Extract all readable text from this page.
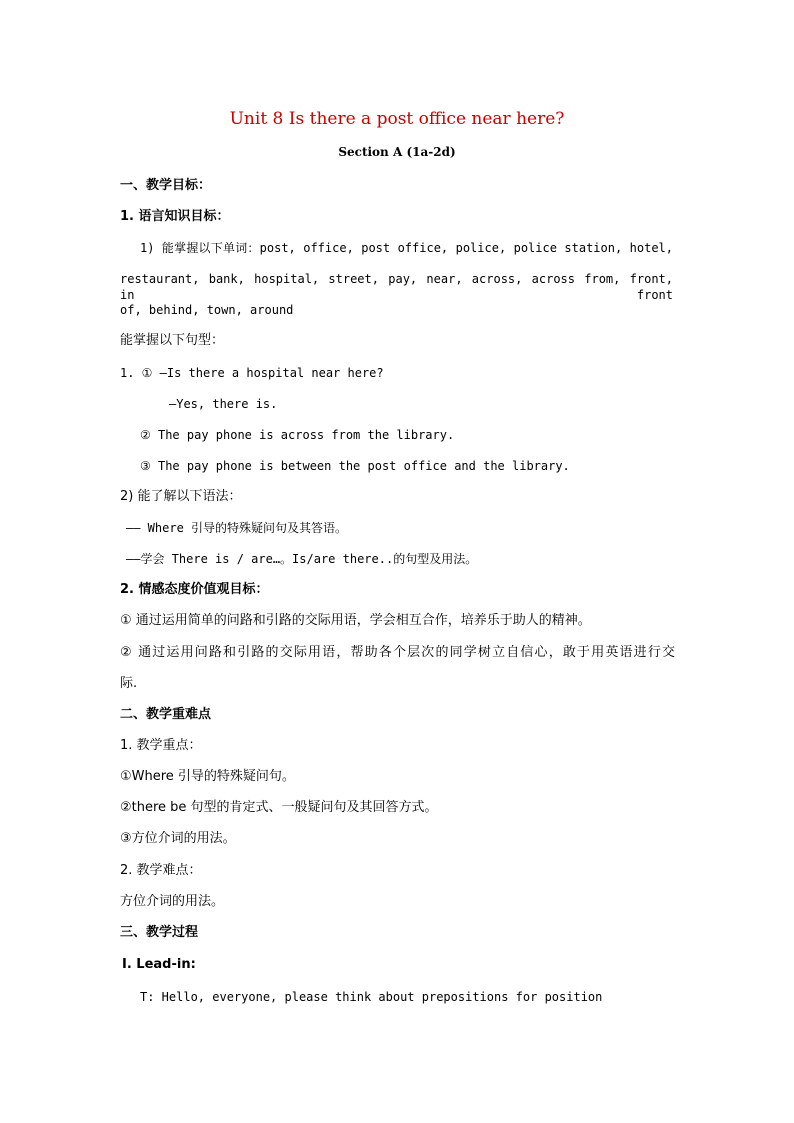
Unit 8 Is there a post office near here?
Section A (1a-2d)
一、教学目标：
1. 语言知识目标：
1) 能掌握以下单词：post, office, post office, police, police station, hotel,
restaurant, bank, hospital, street, pay, near, across, across from, front, in front
of, behind, town, around
能掌握以下句型：
1. ① —Is there a hospital near here?
—Yes, there is.
② The pay phone is across from the library.
③ The pay phone is between the post office and the library.
2) 能了解以下语法：
—— Where 引导的特殊疑问句及其答语。
——学会 There is / are…。Is/are there..的句型及用法。
2. 情感态度价值观目标：
① 通过运用简单的问路和引路的交际用语，学会相互合作，培养乐于助人的精神。
② 通过运用问路和引路的交际用语，帮助各个层次的同学树立自信心，敢于用英语进行交
际.
二、教学重难点
1. 教学重点：
①Where 引导的特殊疑问句。
②there be 句型的肯定式、一般疑问句及其回答方式。
③方位介词的用法。
2. 教学难点：
方位介词的用法。
三、教学过程
Ⅰ. Lead-in:
T: Hello, everyone, please think about prepositions for position
